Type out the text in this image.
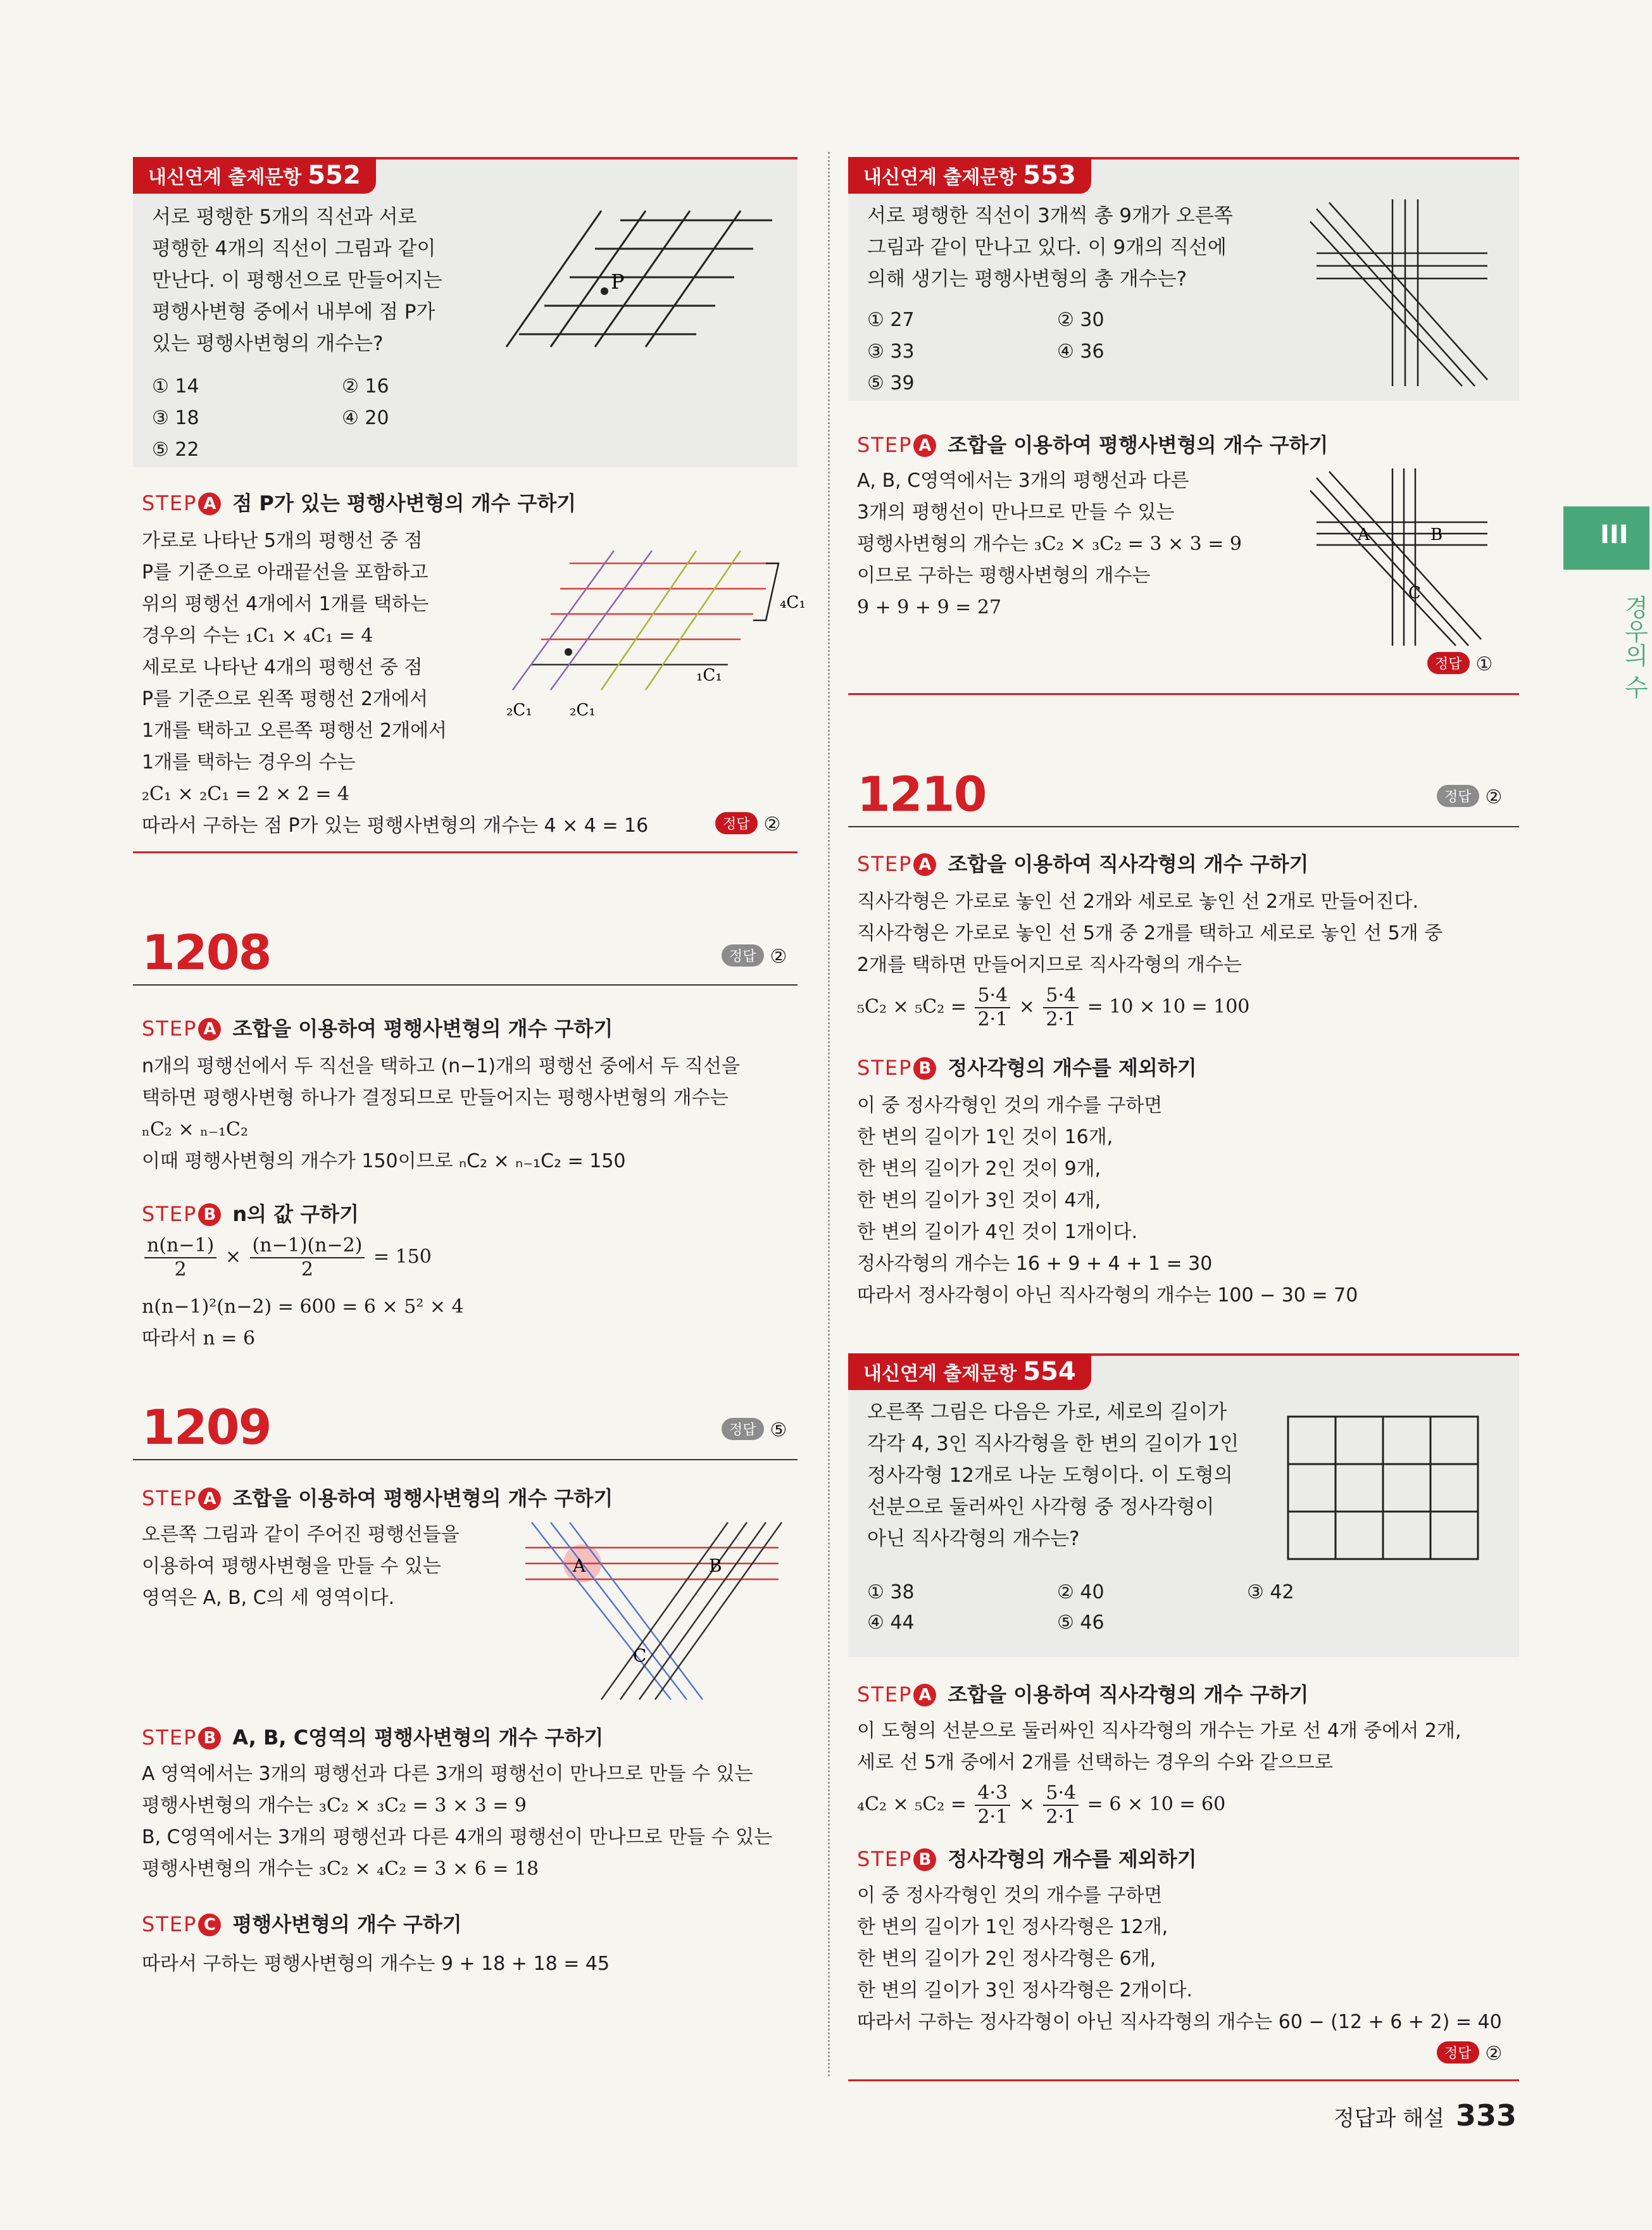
내신연계 출제문항 552
서로 평행한 5개의 직선과 서로
평행한 4개의 직선이 그림과 같이
만난다. 이 평행선으로 만들어지는
평행사변형 중에서 내부에 점 P가
있는 평행사변형의 개수는?
P
① 14	② 16
③ 18	④ 20
⑤ 22
STEP A 점 P가 있는 평행사변형의 개수 구하기
가로로 나타난 5개의 평행선 중 점
P를 기준으로 아래끝선을 포함하고
위의 평행선 4개에서 1개를 택하는
경우의 수는 ₁C₁ × ₄C₁ = 4
세로로 나타난 4개의 평행선 중 점
P를 기준으로 왼쪽 평행선 2개에서
1개를 택하고 오른쪽 평행선 2개에서
1개를 택하는 경우의 수는
₂C₁ × ₂C₁ = 2 × 2 = 4
따라서 구하는 점 P가 있는 평행사변형의 개수는 4 × 4 = 16
₄C₁
₁C₁
₂C₁ ₂C₁
정답 ②
1208	정답 ②
STEP A 조합을 이용하여 평행사변형의 개수 구하기
n개의 평행선에서 두 직선을 택하고 (n−1)개의 평행선 중에서 두 직선을
택하면 평행사변형 하나가 결정되므로 만들어지는 평행사변형의 개수는
ₙC₂ × ₙ₋₁C₂
이때 평행사변형의 개수가 150이므로 ₙC₂ × ₙ₋₁C₂ = 150
STEP B n의 값 구하기
$\frac{n(n-1)}{2} \times \frac{(n-1)(n-2)}{2} = 150$
n(n−1)²(n−2) = 600 = 6 × 5² × 4
따라서 n = 6
1209	정답 ⑤
STEP A 조합을 이용하여 평행사변형의 개수 구하기
오른쪽 그림과 같이 주어진 평행선들을
이용하여 평행사변형을 만들 수 있는
영역은 A, B, C의 세 영역이다.
A	B
C
STEP B A, B, C영역의 평행사변형의 개수 구하기
A 영역에서는 3개의 평행선과 다른 3개의 평행선이 만나므로 만들 수 있는
평행사변형의 개수는 ₃C₂ × ₃C₂ = 3 × 3 = 9
B, C영역에서는 3개의 평행선과 다른 4개의 평행선이 만나므로 만들 수 있는
평행사변형의 개수는 ₃C₂ × ₄C₂ = 3 × 6 = 18
STEP C 평행사변형의 개수 구하기
따라서 구하는 평행사변형의 개수는 9 + 18 + 18 = 45
내신연계 출제문항 553
서로 평행한 직선이 3개씩 총 9개가 오른쪽
그림과 같이 만나고 있다. 이 9개의 직선에
의해 생기는 평행사변형의 총 개수는?
① 27	② 30
③ 33	④ 36
⑤ 39
STEP A 조합을 이용하여 평행사변형의 개수 구하기
A, B, C영역에서는 3개의 평행선과 다른
3개의 평행선이 만나므로 만들 수 있는
평행사변형의 개수는 ₃C₂ × ₃C₂ = 3 × 3 = 9
이므로 구하는 평행사변형의 개수는
9 + 9 + 9 = 27
A	B
C
정답 ①
1210	정답 ②
STEP A 조합을 이용하여 직사각형의 개수 구하기
직사각형은 가로로 놓인 선 2개와 세로로 놓인 선 2개로 만들어진다.
직사각형은 가로로 놓인 선 5개 중 2개를 택하고 세로로 놓인 선 5개 중
2개를 택하면 만들어지므로 직사각형의 개수는
$_5C_2 \times _5C_2 = \frac{5\cdot 4}{2\cdot 1} \times \frac{5\cdot 4}{2\cdot 1} = 10 \times 10 = 100$
STEP B 정사각형의 개수를 제외하기
이 중 정사각형인 것의 개수를 구하면
한 변의 길이가 1인 것이 16개,
한 변의 길이가 2인 것이 9개,
한 변의 길이가 3인 것이 4개,
한 변의 길이가 4인 것이 1개이다.
정사각형의 개수는 16 + 9 + 4 + 1 = 30
따라서 정사각형이 아닌 직사각형의 개수는 100 − 30 = 70
내신연계 출제문항 554
오른쪽 그림은 다음은 가로, 세로의 길이가
각각 4, 3인 직사각형을 한 변의 길이가 1인
정사각형 12개로 나눈 도형이다. 이 도형의
선분으로 둘러싸인 사각형 중 정사각형이
아닌 직사각형의 개수는?
① 38	② 40	③ 42
④ 44	⑤ 46
STEP A 조합을 이용하여 직사각형의 개수 구하기
이 도형의 선분으로 둘러싸인 직사각형의 개수는 가로 선 4개 중에서 2개,
세로 선 5개 중에서 2개를 선택하는 경우의 수와 같으므로
$_4C_2 \times _5C_2 = \frac{4\cdot 3}{2\cdot 1} \times \frac{5\cdot 4}{2\cdot 1} = 6 \times 10 = 60$
STEP B 정사각형의 개수를 제외하기
이 중 정사각형인 것의 개수를 구하면
한 변의 길이가 1인 정사각형은 12개,
한 변의 길이가 2인 정사각형은 6개,
한 변의 길이가 3인 정사각형은 2개이다.
따라서 구하는 정사각형이 아닌 직사각형의 개수는 60 − (12 + 6 + 2) = 40
정답 ②
III
경우의 수
정답과 해설 333
